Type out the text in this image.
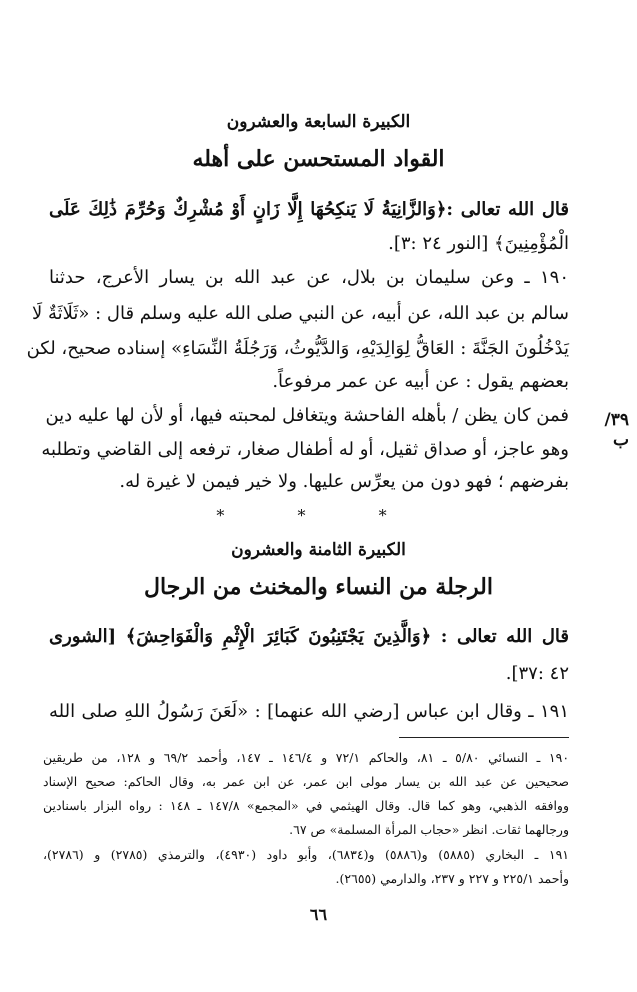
الكبيرة السابعة والعشرون
القواد المستحسن على أهله
قال الله تعالى :﴿وَالزَّانِيَةُ لَا يَنكِحُهَا إِلَّا زَانٍ أَوْ مُشْرِكٌ وَحُرِّمَ ذَٰلِكَ عَلَى
الْمُؤْمِنِينَ﴾ [النور ٢٤ :٣].
١٩٠ ـ وعن سليمان بن بلال، عن عبد الله بن يسار الأعرج، حدثنا
سالم بن عبد الله، عن أبيه، عن النبي صلى الله عليه وسلم قال : «ثَلَاثَةٌ لَا
يَدْخُلُونَ الجَنَّةَ : العَاقُّ لِوَالِدَيْهِ، وَالدَّيُّوثُ، وَرَجُلَةُ النِّسَاءِ» إسناده صحيح، لكن
بعضهم يقول : عن أبيه عن عمر مرفوعاً.
فمن كان يظن / بأهله الفاحشة ويتغافل لمحبته فيها، أو لأن لها عليه دين	٣٩/ب
وهو عاجز، أو صداق ثقيل، أو له أطفال صغار، ترفعه إلى القاضي وتطلبه
بفرضهم ؛ فهو دون من يعرِّس عليها. ولا خير فيمن لا غيرة له.
* * *
الكبيرة الثامنة والعشرون
الرجلة من النساء والمخنث من الرجال
قال الله تعالى : ﴿وَالَّذِينَ يَجْتَنِبُونَ كَبَائِرَ الْإِثْمِ وَالْفَوَاحِشَ﴾ [الشورى
٤٢ :٣٧].
١٩١ ـ وقال ابن عباس [رضي الله عنهما] : «لَعَنَ رَسُولُ اللهِ صلى الله
١٩٠ ـ النسائي ٥/٨٠ ـ ٨١، والحاكم ٧٢/١ و ١٤٦/٤ ـ ١٤٧، وأحمد ٦٩/٢ و ١٢٨، من طريقين
صحيحين عن عبد الله بن يسار مولى ابن عمر، عن ابن عمر به، وقال الحاكم: صحيح الإسناد
ووافقه الذهبي، وهو كما قال. وقال الهيثمي في «المجمع» ١٤٧/٨ ـ ١٤٨ : رواه البزار باسنادين
ورجالهما ثقات. انظر «حجاب المرأة المسلمة» ص ٦٧.
١٩١ ـ البخاري (٥٨٨٥) و(٥٨٨٦) و(٦٨٣٤)، وأبو داود (٤٩٣٠)، والترمذي (٢٧٨٥) و (٢٧٨٦)،
وأحمد ٢٢٥/١ و ٢٢٧ و ٢٣٧، والدارمي (٢٦٥٥).
٦٦
